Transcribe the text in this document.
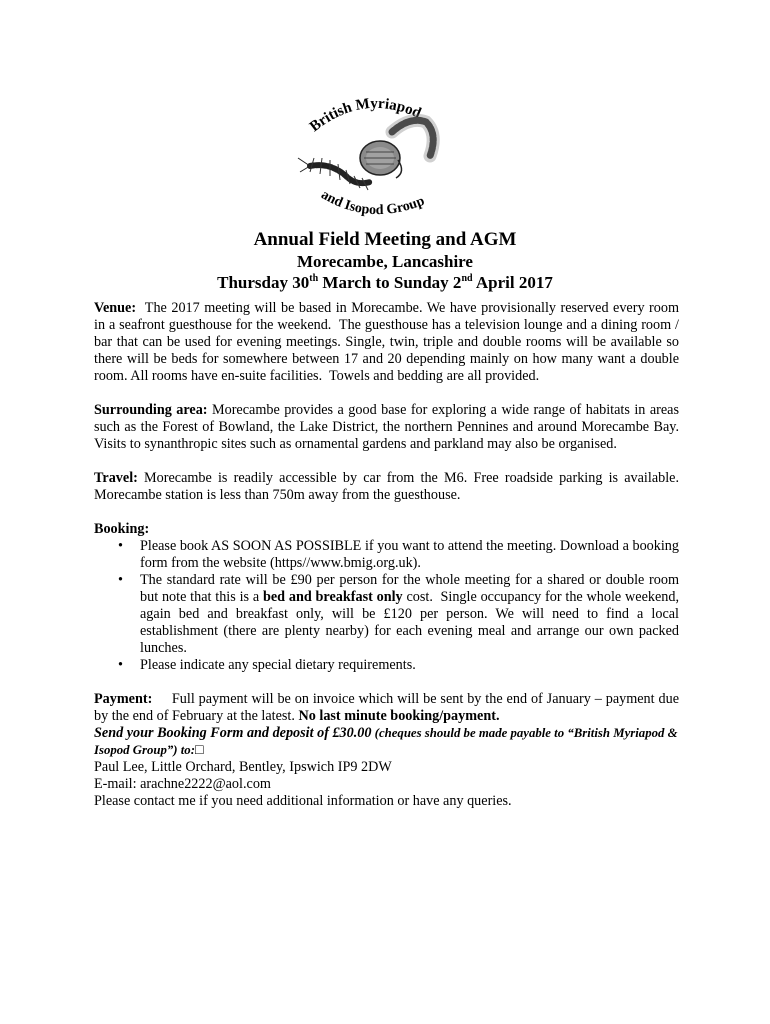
British Myriapod
and Isopod Group

Annual Field Meeting and AGM

Morecambe, Lancashire

Thursday 30th March to Sunday 2nd April 2017

Venue:  The 2017 meeting will be based in Morecambe. We have provisionally reserved every room in a seafront guesthouse for the weekend.  The guesthouse has a television lounge and a dining room / bar that can be used for evening meetings. Single, twin, triple and double rooms will be available so there will be beds for somewhere between 17 and 20 depending mainly on how many want a double room. All rooms have en-suite facilities.  Towels and bedding are all provided.

Surrounding area: Morecambe provides a good base for exploring a wide range of habitats in areas such as the Forest of Bowland, the Lake District, the northern Pennines and around Morecambe Bay. Visits to synanthropic sites such as ornamental gardens and parkland may also be organised.

Travel: Morecambe is readily accessible by car from the M6. Free roadside parking is available. Morecambe station is less than 750m away from the guesthouse.

Booking:

• Please book AS SOON AS POSSIBLE if you want to attend the meeting. Download a booking form from the website (https//www.bmig.org.uk).
• The standard rate will be £90 per person for the whole meeting for a shared or double room but note that this is a bed and breakfast only cost.  Single occupancy for the whole weekend, again bed and breakfast only, will be £120 per person. We will need to find a local establishment (there are plenty nearby) for each evening meal and arrange our own packed lunches.
• Please indicate any special dietary requirements.

Payment:     Full payment will be on invoice which will be sent by the end of January – payment due by the end of February at the latest. No last minute booking/payment.

Send your Booking Form and deposit of £30.00 (cheques should be made payable to “British Myriapod & Isopod Group”) to:□

Paul Lee, Little Orchard, Bentley, Ipswich IP9 2DW

E-mail: arachne2222@aol.com

Please contact me if you need additional information or have any queries.
